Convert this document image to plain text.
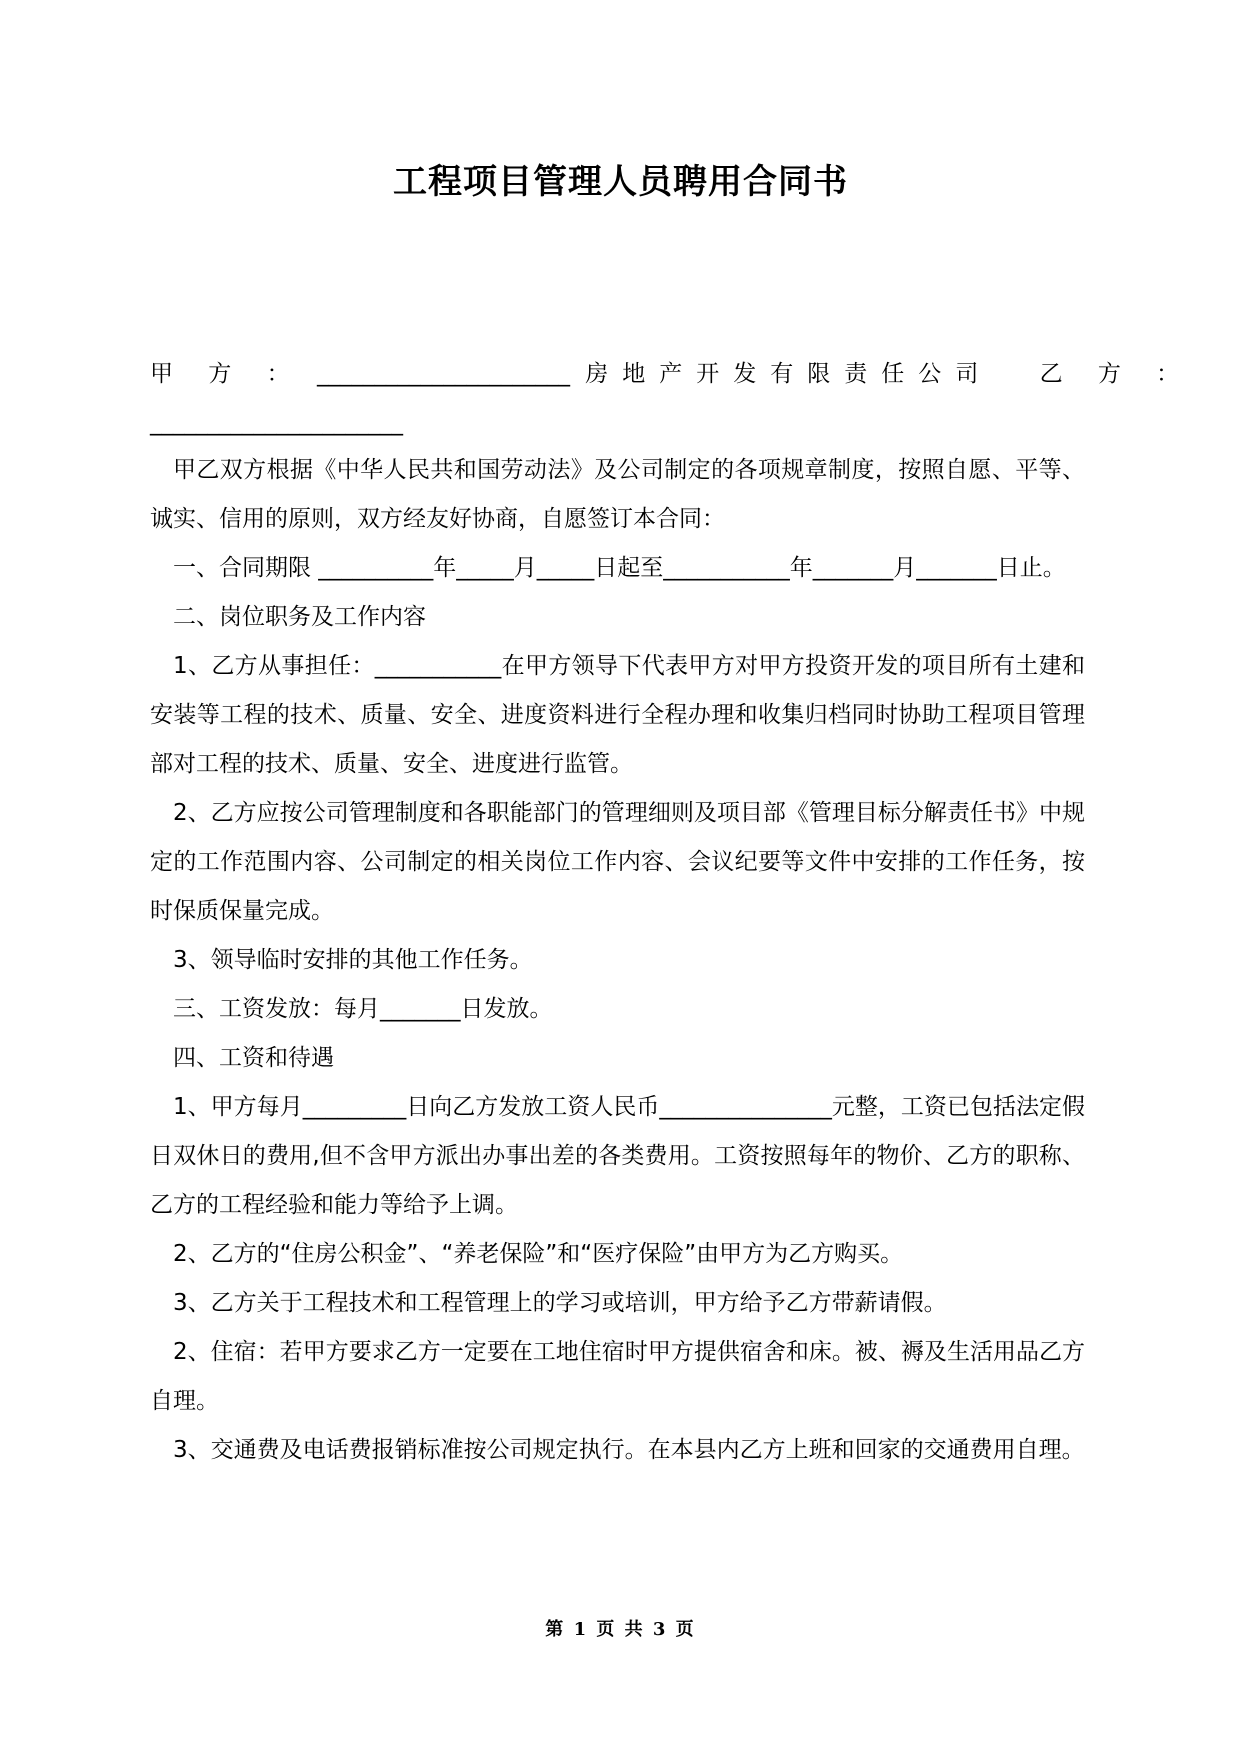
工程项目管理人员聘用合同书
甲 方 ： ______________________ 房地产开发有限责任公司 乙 方 ：
______________________

甲乙双方根据《中华人民共和国劳动法》及公司制定的各项规章制度，按照自愿、平等、诚实、信用的原则，双方经友好协商，自愿签订本合同：

一、合同期限 __________年_____月_____日起至___________年_______月_______日止。

二、岗位职务及工作内容

1、乙方从事担任：___________在甲方领导下代表甲方对甲方投资开发的项目所有土建和安装等工程的技术、质量、安全、进度资料进行全程办理和收集归档同时协助工程项目管理部对工程的技术、质量、安全、进度进行监管。

2、乙方应按公司管理制度和各职能部门的管理细则及项目部《管理目标分解责任书》中规定的工作范围内容、公司制定的相关岗位工作内容、会议纪要等文件中安排的工作任务，按时保质保量完成。

3、领导临时安排的其他工作任务。

三、工资发放：每月_______日发放。

四、工资和待遇

1、甲方每月_________日向乙方发放工资人民币_______________元整，工资已包括法定假日双休日的费用,但不含甲方派出办事出差的各类费用。工资按照每年的物价、乙方的职称、乙方的工程经验和能力等给予上调。

2、乙方的“住房公积金”、“养老保险”和“医疗保险”由甲方为乙方购买。

3、乙方关于工程技术和工程管理上的学习或培训，甲方给予乙方带薪请假。

2、住宿：若甲方要求乙方一定要在工地住宿时甲方提供宿舍和床。被、褥及生活用品乙方自理。

3、交通费及电话费报销标准按公司规定执行。在本县内乙方上班和回家的交通费用自理。

第 1 页 共 3 页
